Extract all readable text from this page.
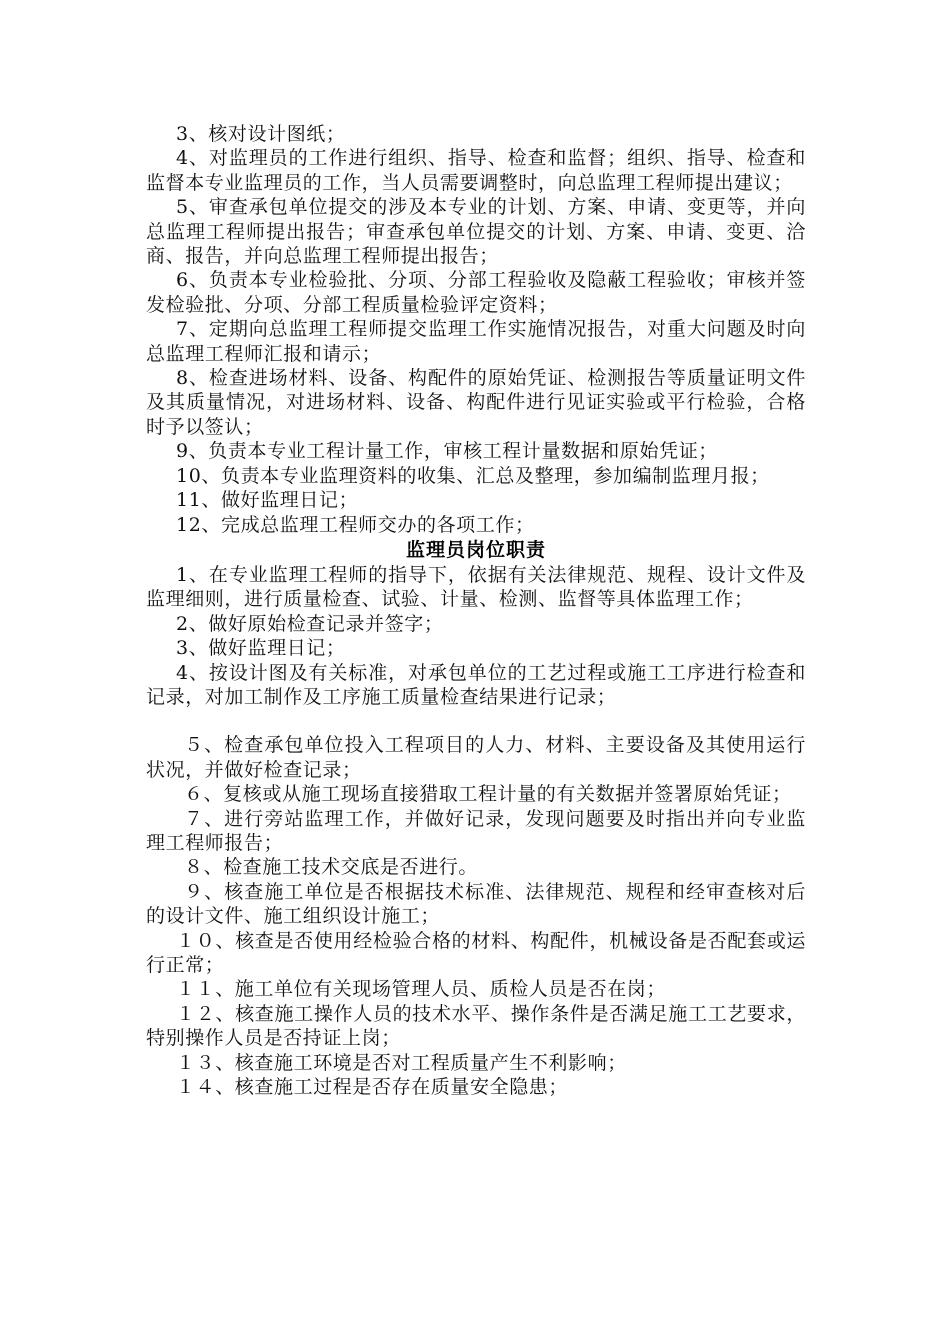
3、核对设计图纸；

4、对监理员的工作进行组织、指导、检查和监督；组织、指导、检查和监督本专业监理员的工作，当人员需要调整时，向总监理工程师提出建议；

5、审查承包单位提交的涉及本专业的计划、方案、申请、变更等，并向总监理工程师提出报告；审查承包单位提交的计划、方案、申请、变更、洽商、报告，并向总监理工程师提出报告；

6、负责本专业检验批、分项、分部工程验收及隐蔽工程验收；审核并签发检验批、分项、分部工程质量检验评定资料；

7、定期向总监理工程师提交监理工作实施情况报告，对重大问题及时向总监理工程师汇报和请示；

8、检查进场材料、设备、构配件的原始凭证、检测报告等质量证明文件及其质量情况，对进场材料、设备、构配件进行见证实验或平行检验，合格时予以签认；

9、负责本专业工程计量工作，审核工程计量数据和原始凭证；

10、负责本专业监理资料的收集、汇总及整理，参加编制监理月报；

11、做好监理日记；

12、完成总监理工程师交办的各项工作；

监理员岗位职责

1、在专业监理工程师的指导下，依据有关法律规范、规程、设计文件及监理细则，进行质量检查、试验、计量、检测、监督等具体监理工作；

2、做好原始检查记录并签字；

3、做好监理日记；

4、按设计图及有关标准，对承包单位的工艺过程或施工工序进行检查和记录，对加工制作及工序施工质量检查结果进行记录；

５、检查承包单位投入工程项目的人力、材料、主要设备及其使用运行状况，并做好检查记录；

６、复核或从施工现场直接猎取工程计量的有关数据并签署原始凭证；

７、进行旁站监理工作，并做好记录，发现问题要及时指出并向专业监理工程师报告；

８、检查施工技术交底是否进行。

９、核查施工单位是否根据技术标准、法律规范、规程和经审查核对后的设计文件、施工组织设计施工；

１０、核查是否使用经检验合格的材料、构配件，机械设备是否配套或运行正常；

１１、施工单位有关现场管理人员、质检人员是否在岗；

１２、核查施工操作人员的技术水平、操作条件是否满足施工工艺要求，特别操作人员是否持证上岗；

１３、核查施工环境是否对工程质量产生不利影响；

１４、核查施工过程是否存在质量安全隐患；
